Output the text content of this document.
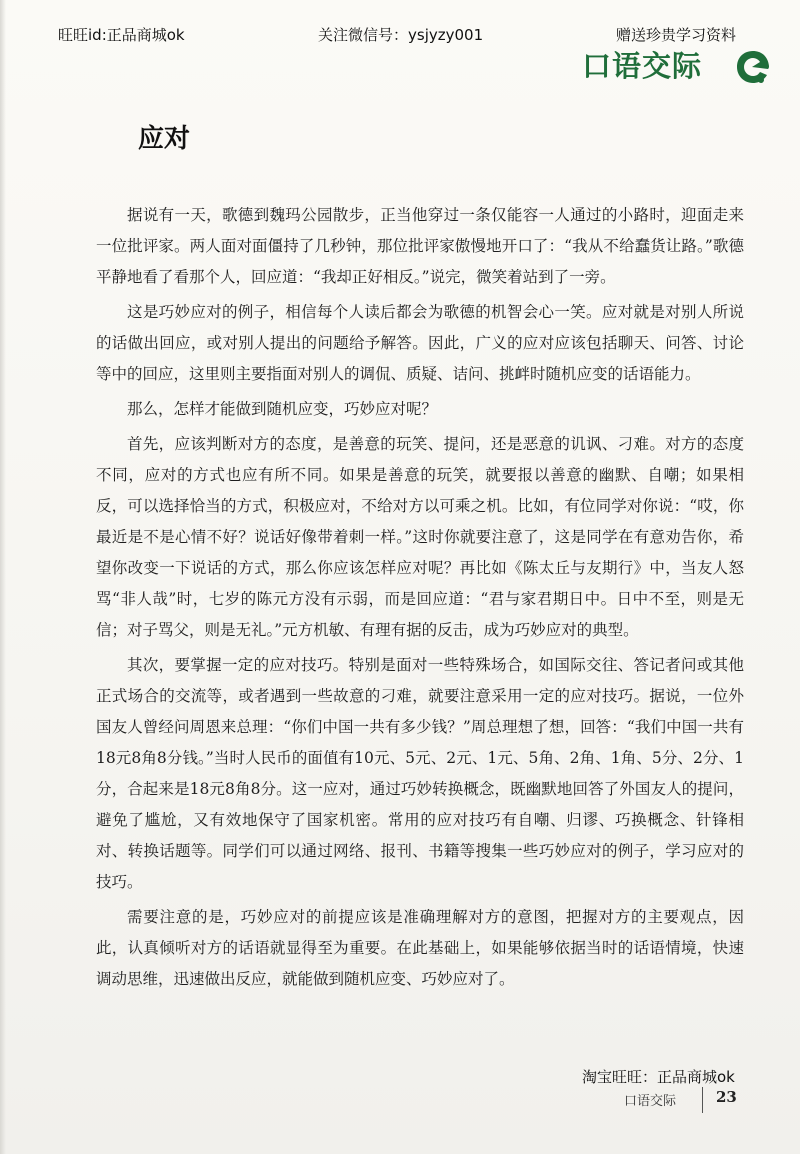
旺旺id:正品商城ok	关注微信号：ysjyzy001	赠送珍贵学习资料
口语交际
应对

据说有一天，歌德到魏玛公园散步，正当他穿过一条仅能容一人通过的小路时，迎面走来一位批评家。两人面对面僵持了几秒钟，那位批评家傲慢地开口了：“我从不给蠢货让路。”歌德平静地看了看那个人，回应道：“我却正好相反。”说完，微笑着站到了一旁。

这是巧妙应对的例子，相信每个人读后都会为歌德的机智会心一笑。应对就是对别人所说的话做出回应，或对别人提出的问题给予解答。因此，广义的应对应该包括聊天、问答、讨论等中的回应，这里则主要指面对别人的调侃、质疑、诘问、挑衅时随机应变的话语能力。

那么，怎样才能做到随机应变，巧妙应对呢？

首先，应该判断对方的态度，是善意的玩笑、提问，还是恶意的讥讽、刁难。对方的态度不同，应对的方式也应有所不同。如果是善意的玩笑，就要报以善意的幽默、自嘲；如果相反，可以选择恰当的方式，积极应对，不给对方以可乘之机。比如，有位同学对你说：“哎，你最近是不是心情不好？说话好像带着刺一样。”这时你就要注意了，这是同学在有意劝告你，希望你改变一下说话的方式，那么你应该怎样应对呢？再比如《陈太丘与友期行》中，当友人怒骂“非人哉”时，七岁的陈元方没有示弱，而是回应道：“君与家君期日中。日中不至，则是无信；对子骂父，则是无礼。”元方机敏、有理有据的反击，成为巧妙应对的典型。

其次，要掌握一定的应对技巧。特别是面对一些特殊场合，如国际交往、答记者问或其他正式场合的交流等，或者遇到一些故意的刁难，就要注意采用一定的应对技巧。据说，一位外国友人曾经问周恩来总理：“你们中国一共有多少钱？”周总理想了想，回答：“我们中国一共有18元8角8分钱。”当时人民币的面值有10元、5元、2元、1元、5角、2角、1角、5分、2分、1分，合起来是18元8角8分。这一应对，通过巧妙转换概念，既幽默地回答了外国友人的提问，避免了尴尬，又有效地保守了国家机密。常用的应对技巧有自嘲、归谬、巧换概念、针锋相对、转换话题等。同学们可以通过网络、报刊、书籍等搜集一些巧妙应对的例子，学习应对的技巧。

需要注意的是，巧妙应对的前提应该是准确理解对方的意图，把握对方的主要观点，因此，认真倾听对方的话语就显得至为重要。在此基础上，如果能够依据当时的话语情境，快速调动思维，迅速做出反应，就能做到随机应变、巧妙应对了。

淘宝旺旺：正品商城ok
口语交际	23
